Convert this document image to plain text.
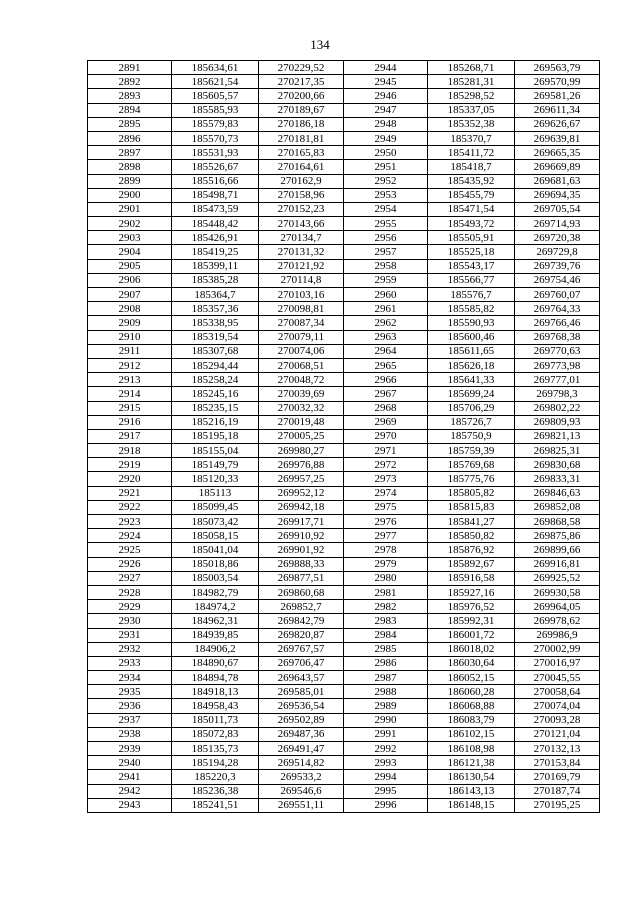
134
2891	185634,61	270229,52	2944	185268,71	269563,79
2892	185621,54	270217,35	2945	185281,31	269570,99
2893	185605,57	270200,66	2946	185298,52	269581,26
2894	185585,93	270189,67	2947	185337,05	269611,34
2895	185579,83	270186,18	2948	185352,38	269626,67
2896	185570,73	270181,81	2949	185370,7	269639,81
2897	185531,93	270165,83	2950	185411,72	269665,35
2898	185526,67	270164,61	2951	185418,7	269669,89
2899	185516,66	270162,9	2952	185435,92	269681,63
2900	185498,71	270158,96	2953	185455,79	269694,35
2901	185473,59	270152,23	2954	185471,54	269705,54
2902	185448,42	270143,66	2955	185493,72	269714,93
2903	185426,91	270134,7	2956	185505,91	269720,38
2904	185419,25	270131,32	2957	185525,18	269729,8
2905	185399,11	270121,92	2958	185543,17	269739,76
2906	185385,28	270114,8	2959	185566,77	269754,46
2907	185364,7	270103,16	2960	185576,7	269760,07
2908	185357,36	270098,81	2961	185585,82	269764,33
2909	185338,95	270087,34	2962	185590,93	269766,46
2910	185319,54	270079,11	2963	185600,46	269768,38
2911	185307,68	270074,06	2964	185611,65	269770,63
2912	185294,44	270068,51	2965	185626,18	269773,98
2913	185258,24	270048,72	2966	185641,33	269777,01
2914	185245,16	270039,69	2967	185699,24	269798,3
2915	185235,15	270032,32	2968	185706,29	269802,22
2916	185216,19	270019,48	2969	185726,7	269809,93
2917	185195,18	270005,25	2970	185750,9	269821,13
2918	185155,04	269980,27	2971	185759,39	269825,31
2919	185149,79	269976,88	2972	185769,68	269830,68
2920	185120,33	269957,25	2973	185775,76	269833,31
2921	185113	269952,12	2974	185805,82	269846,63
2922	185099,45	269942,18	2975	185815,83	269852,08
2923	185073,42	269917,71	2976	185841,27	269868,58
2924	185058,15	269910,92	2977	185850,82	269875,86
2925	185041,04	269901,92	2978	185876,92	269899,66
2926	185018,86	269888,33	2979	185892,67	269916,81
2927	185003,54	269877,51	2980	185916,58	269925,52
2928	184982,79	269860,68	2981	185927,16	269930,58
2929	184974,2	269852,7	2982	185976,52	269964,05
2930	184962,31	269842,79	2983	185992,31	269978,62
2931	184939,85	269820,87	2984	186001,72	269986,9
2932	184906,2	269767,57	2985	186018,02	270002,99
2933	184890,67	269706,47	2986	186030,64	270016,97
2934	184894,78	269643,57	2987	186052,15	270045,55
2935	184918,13	269585,01	2988	186060,28	270058,64
2936	184958,43	269536,54	2989	186068,88	270074,04
2937	185011,73	269502,89	2990	186083,79	270093,28
2938	185072,83	269487,36	2991	186102,15	270121,04
2939	185135,73	269491,47	2992	186108,98	270132,13
2940	185194,28	269514,82	2993	186121,38	270153,84
2941	185220,3	269533,2	2994	186130,54	270169,79
2942	185236,38	269546,6	2995	186143,13	270187,74
2943	185241,51	269551,11	2996	186148,15	270195,25
